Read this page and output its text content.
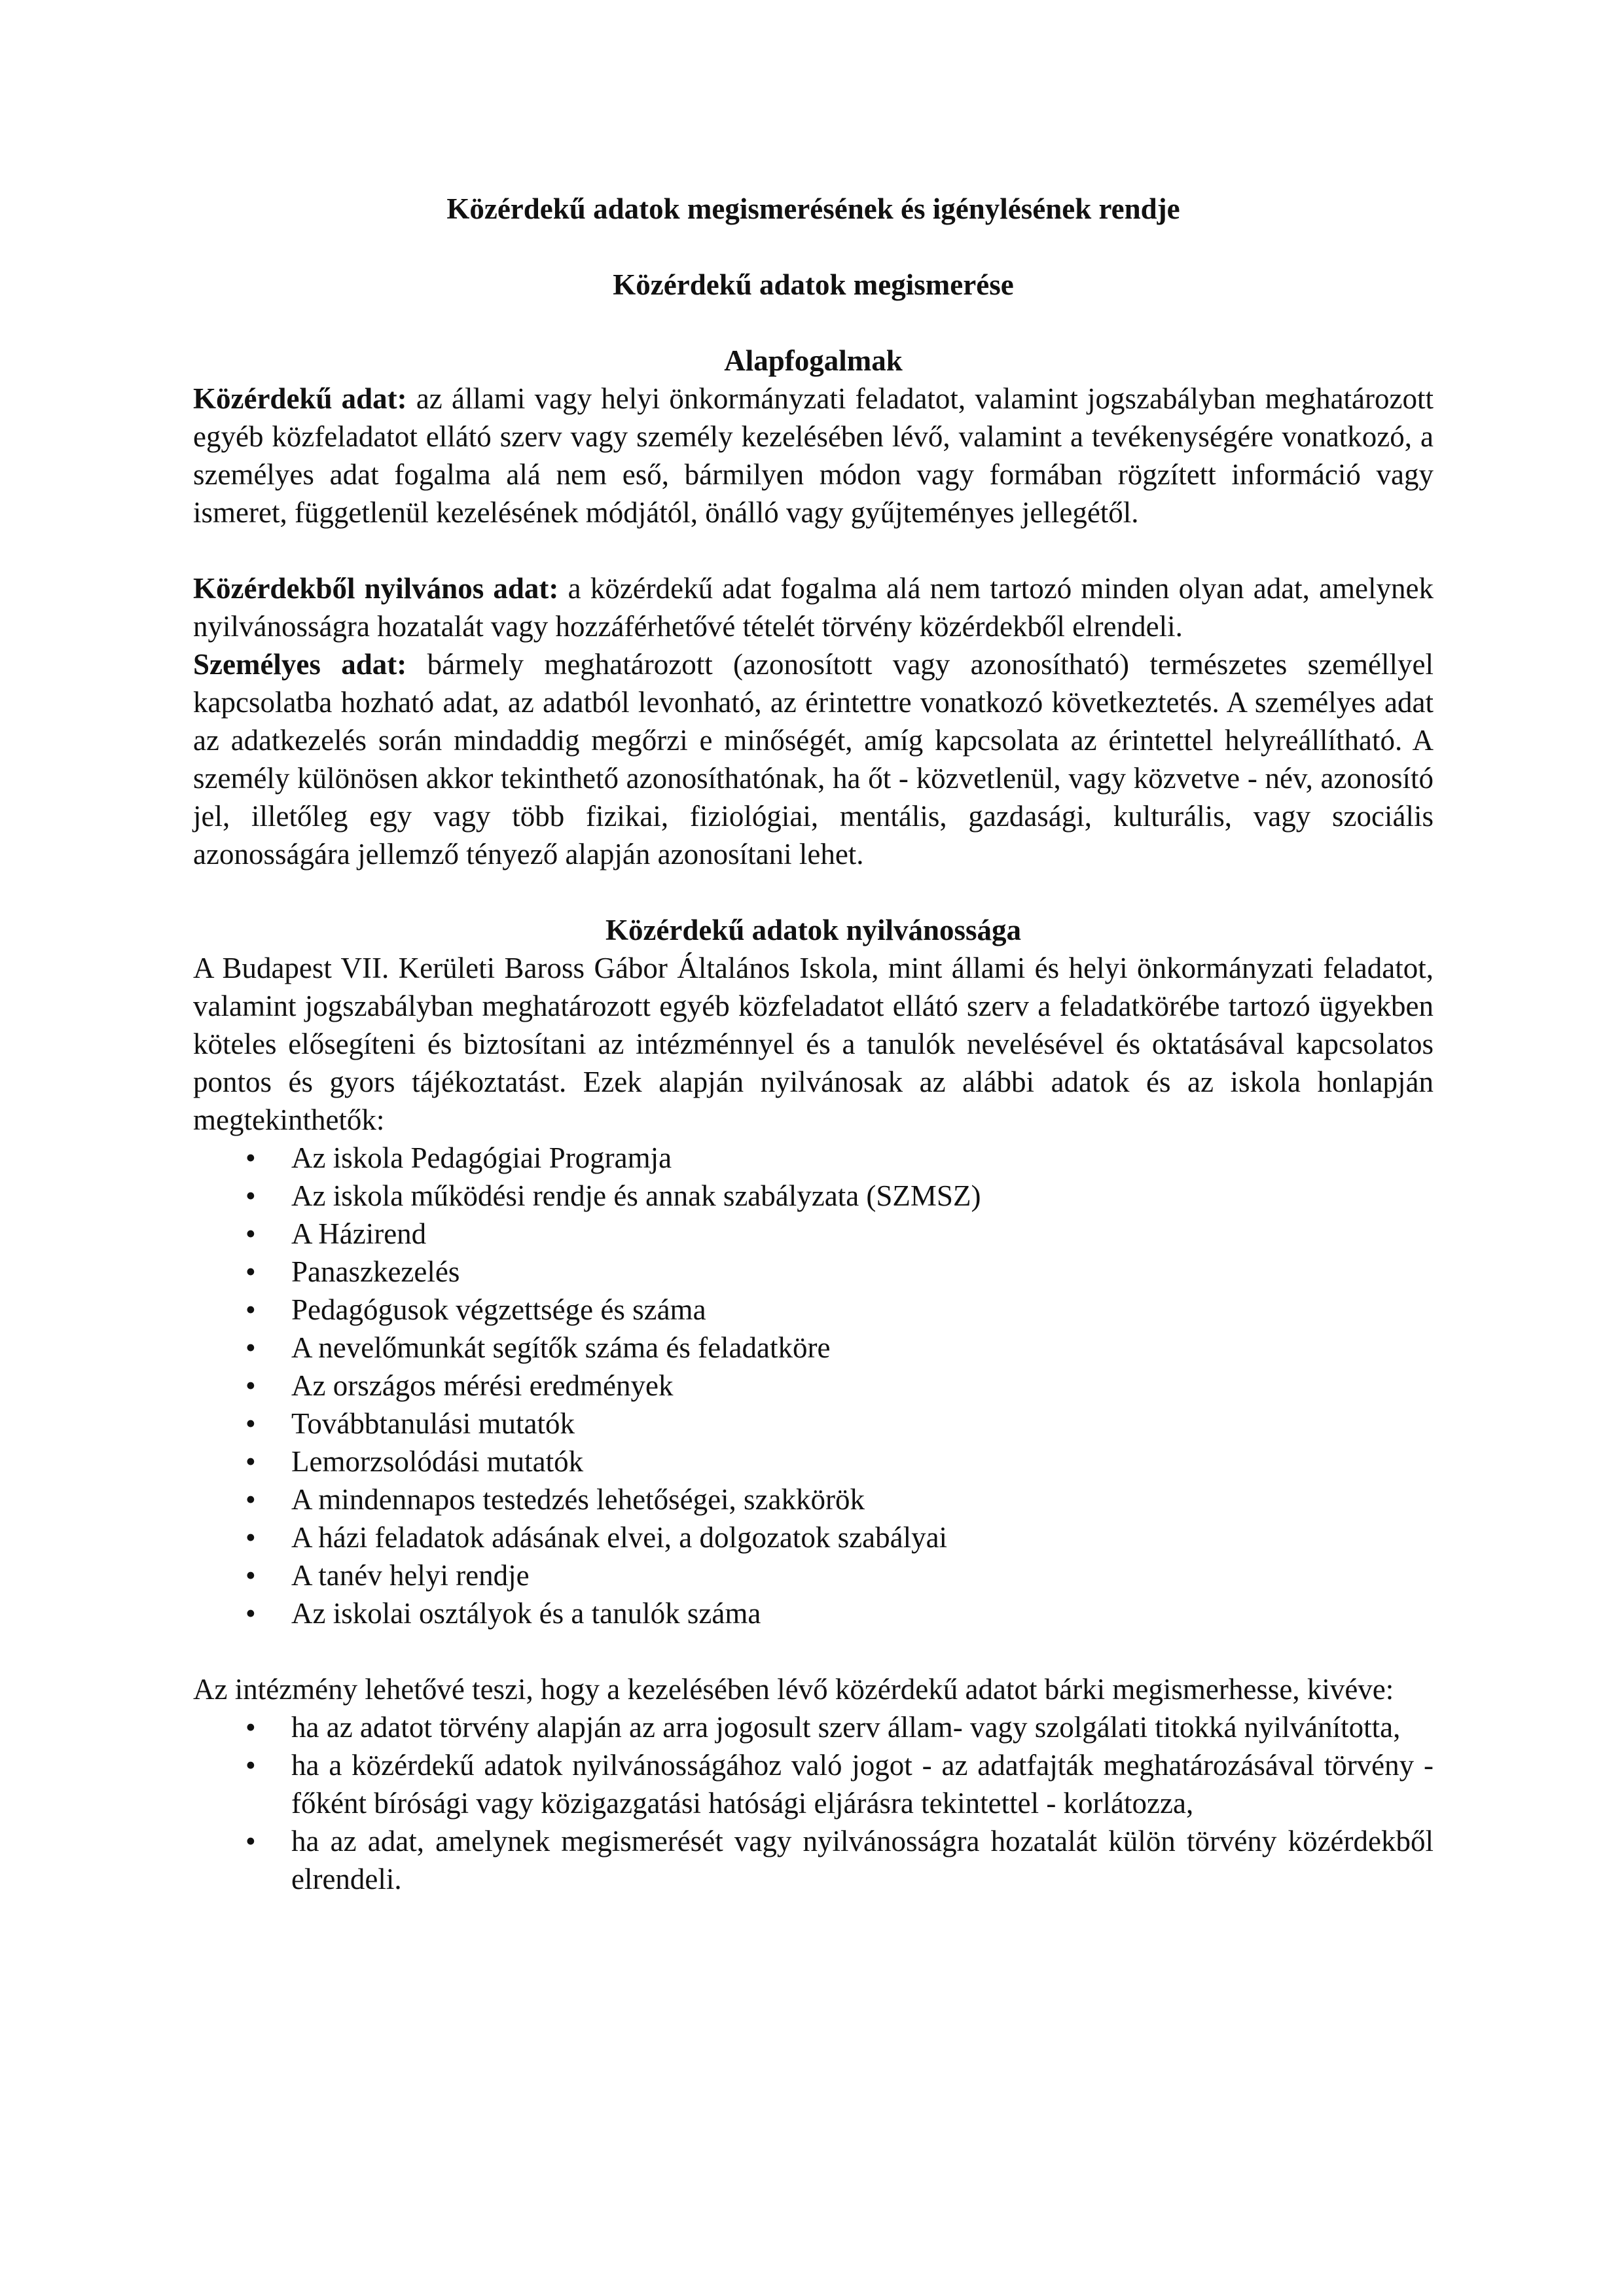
Közérdekű adatok megismerésének és igénylésének rendje
Közérdekű adatok megismerése
Alapfogalmak

Közérdekű adat: az állami vagy helyi önkormányzati feladatot, valamint jogszabályban meghatározott egyéb közfeladatot ellátó szerv vagy személy kezelésében lévő, valamint a tevékenységére vonatkozó, a személyes adat fogalma alá nem eső, bármilyen módon vagy formában rögzített információ vagy ismeret, függetlenül kezelésének módjától, önálló vagy gyűjteményes jellegétől.

Közérdekből nyilvános adat: a közérdekű adat fogalma alá nem tartozó minden olyan adat, amelynek nyilvánosságra hozatalát vagy hozzáférhetővé tételét törvény közérdekből elrendeli.

Személyes adat: bármely meghatározott (azonosított vagy azonosítható) természetes személlyel kapcsolatba hozható adat, az adatból levonható, az érintettre vonatkozó következtetés. A személyes adat az adatkezelés során mindaddig megőrzi e minőségét, amíg kapcsolata az érintettel helyreállítható. A személy különösen akkor tekinthető azonosíthatónak, ha őt - közvetlenül, vagy közvetve - név, azonosító jel, illetőleg egy vagy több fizikai, fiziológiai, mentális, gazdasági, kulturális, vagy szociális azonosságára jellemző tényező alapján azonosítani lehet.

Közérdekű adatok nyilvánossága

A Budapest VII. Kerületi Baross Gábor Általános Iskola, mint állami és helyi önkormányzati feladatot, valamint jogszabályban meghatározott egyéb közfeladatot ellátó szerv a feladatkörébe tartozó ügyekben köteles elősegíteni és biztosítani az intézménnyel és a tanulók nevelésével és oktatásával kapcsolatos pontos és gyors tájékoztatást. Ezek alapján nyilvánosak az alábbi adatok és az iskola honlapján megtekinthetők:

• Az iskola Pedagógiai Programja
• Az iskola működési rendje és annak szabályzata (SZMSZ)
• A Házirend
• Panaszkezelés
• Pedagógusok végzettsége és száma
• A nevelőmunkát segítők száma és feladatköre
• Az országos mérési eredmények
• Továbbtanulási mutatók
• Lemorzsolódási mutatók
• A mindennapos testedzés lehetőségei, szakkörök
• A házi feladatok adásának elvei, a dolgozatok szabályai
• A tanév helyi rendje
• Az iskolai osztályok és a tanulók száma

Az intézmény lehetővé teszi, hogy a kezelésében lévő közérdekű adatot bárki megismerhesse, kivéve:

• ha az adatot törvény alapján az arra jogosult szerv állam- vagy szolgálati titokká nyilvánította,
• ha a közérdekű adatok nyilvánosságához való jogot - az adatfajták meghatározásával törvény - főként bírósági vagy közigazgatási hatósági eljárásra tekintettel - korlátozza,
• ha az adat, amelynek megismerését vagy nyilvánosságra hozatalát külön törvény közérdekből elrendeli.
